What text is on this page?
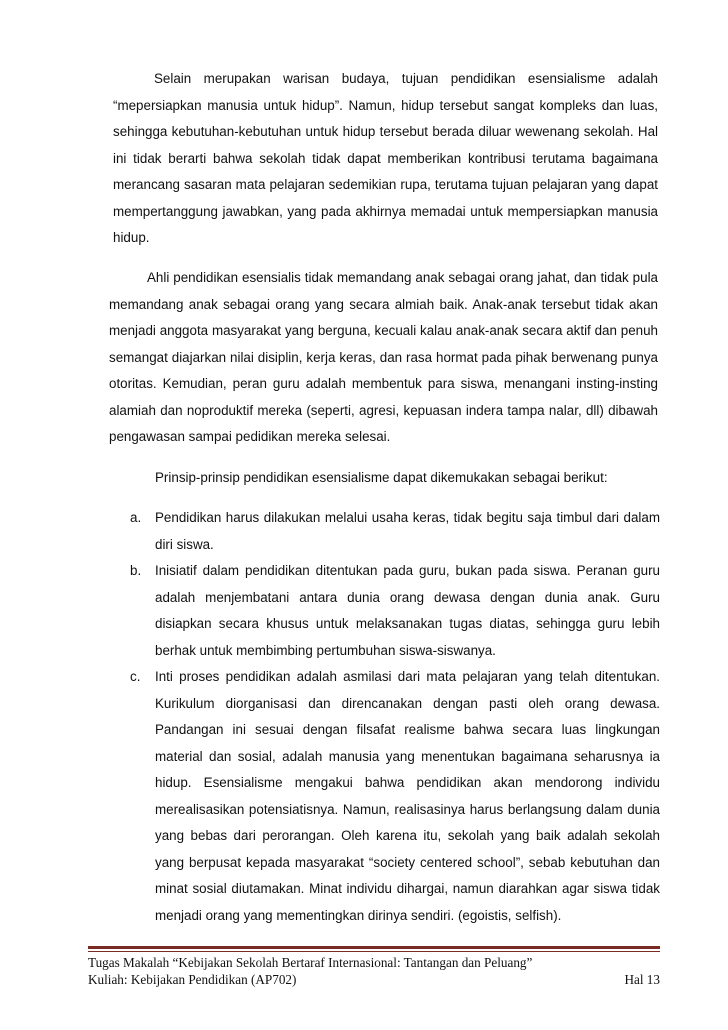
Selain merupakan warisan budaya, tujuan pendidikan esensialisme adalah “mepersiapkan manusia untuk hidup”. Namun, hidup tersebut sangat kompleks dan luas, sehingga kebutuhan-kebutuhan untuk hidup tersebut berada diluar wewenang sekolah. Hal ini tidak berarti bahwa sekolah tidak dapat memberikan kontribusi terutama bagaimana merancang sasaran mata pelajaran sedemikian rupa, terutama tujuan pelajaran yang dapat mempertanggung jawabkan, yang pada akhirnya memadai untuk mempersiapkan manusia hidup.

Ahli pendidikan esensialis tidak memandang anak sebagai orang jahat, dan tidak pula memandang anak sebagai orang yang secara almiah baik. Anak-anak tersebut tidak akan menjadi anggota masyarakat yang berguna, kecuali kalau anak-anak secara aktif dan penuh semangat diajarkan nilai disiplin, kerja keras, dan rasa hormat pada pihak berwenang punya otoritas. Kemudian, peran guru adalah membentuk para siswa, menangani insting-insting alamiah dan noproduktif mereka (seperti, agresi, kepuasan indera tampa nalar, dll) dibawah pengawasan sampai pedidikan mereka selesai.

Prinsip-prinsip pendidikan esensialisme dapat dikemukakan sebagai berikut:

a. Pendidikan harus dilakukan melalui usaha keras, tidak begitu saja timbul dari dalam diri siswa.
b. Inisiatif dalam pendidikan ditentukan pada guru, bukan pada siswa. Peranan guru adalah menjembatani antara dunia orang dewasa dengan dunia anak. Guru disiapkan secara khusus untuk melaksanakan tugas diatas, sehingga guru lebih berhak untuk membimbing pertumbuhan siswa-siswanya.
c. Inti proses pendidikan adalah asmilasi dari mata pelajaran yang telah ditentukan. Kurikulum diorganisasi dan direncanakan dengan pasti oleh orang dewasa. Pandangan ini sesuai dengan filsafat realisme bahwa secara luas lingkungan material dan sosial, adalah manusia yang menentukan bagaimana seharusnya ia hidup. Esensialisme mengakui bahwa pendidikan akan mendorong individu merealisasikan potensiatisnya. Namun, realisasinya harus berlangsung dalam dunia yang bebas dari perorangan. Oleh karena itu, sekolah yang baik adalah sekolah yang berpusat kepada masyarakat “society centered school”, sebab kebutuhan dan minat sosial diutamakan. Minat individu dihargai, namun diarahkan agar siswa tidak menjadi orang yang mementingkan dirinya sendiri. (egoistis, selfish).
Tugas Makalah “Kebijakan Sekolah Bertaraf Internasional: Tantangan dan Peluang”
Kuliah: Kebijakan Pendidikan (AP702)	Hal 13
